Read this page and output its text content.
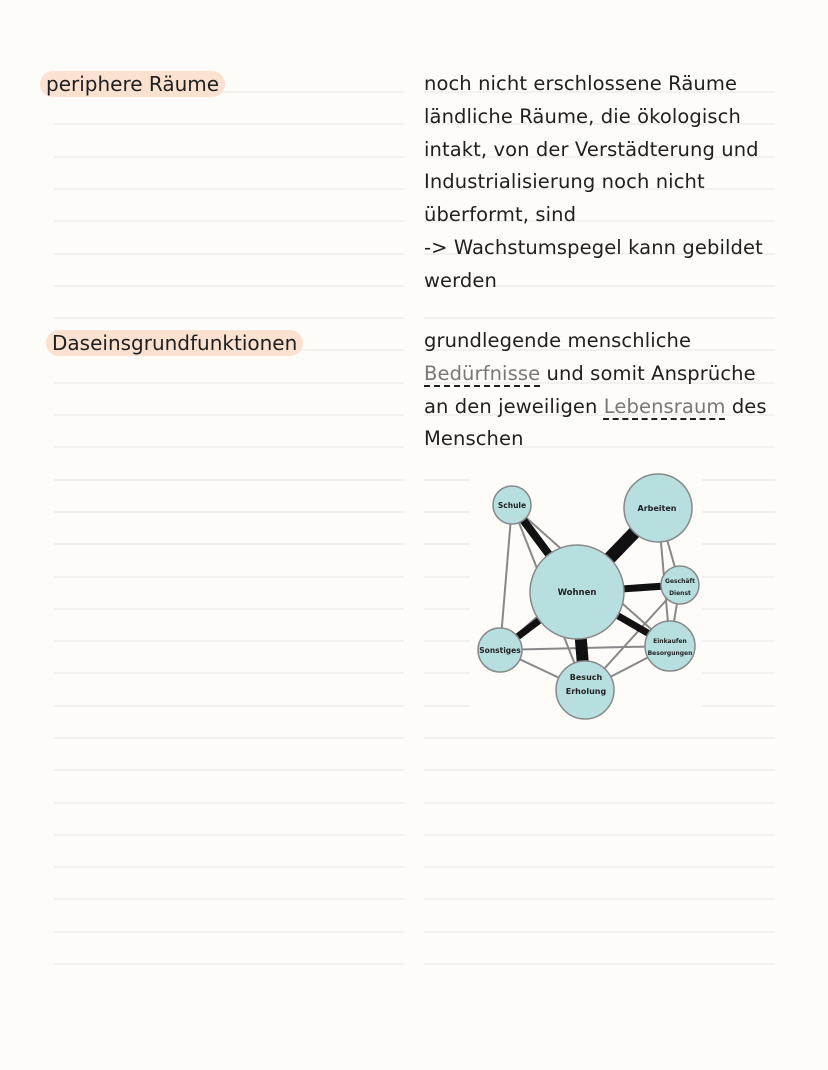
periphere Räume	noch nicht erschlossene Räume
ländliche Räume, die ökologisch
intakt, von der Verstädterung und
Industrialisierung noch nicht
überformt, sind
-> Wachstumspegel kann gebildet
werden
Daseinsgrundfunktionen	grundlegende menschliche
Bedürfnisse und somit Ansprüche
an den jeweiligen Lebensraum des
Menschen
Wohnen
Schule	Arbeiten
Geschäft
Dienst
Einkaufen
Besorgungen
Besuch
Erholung
Sonstiges
